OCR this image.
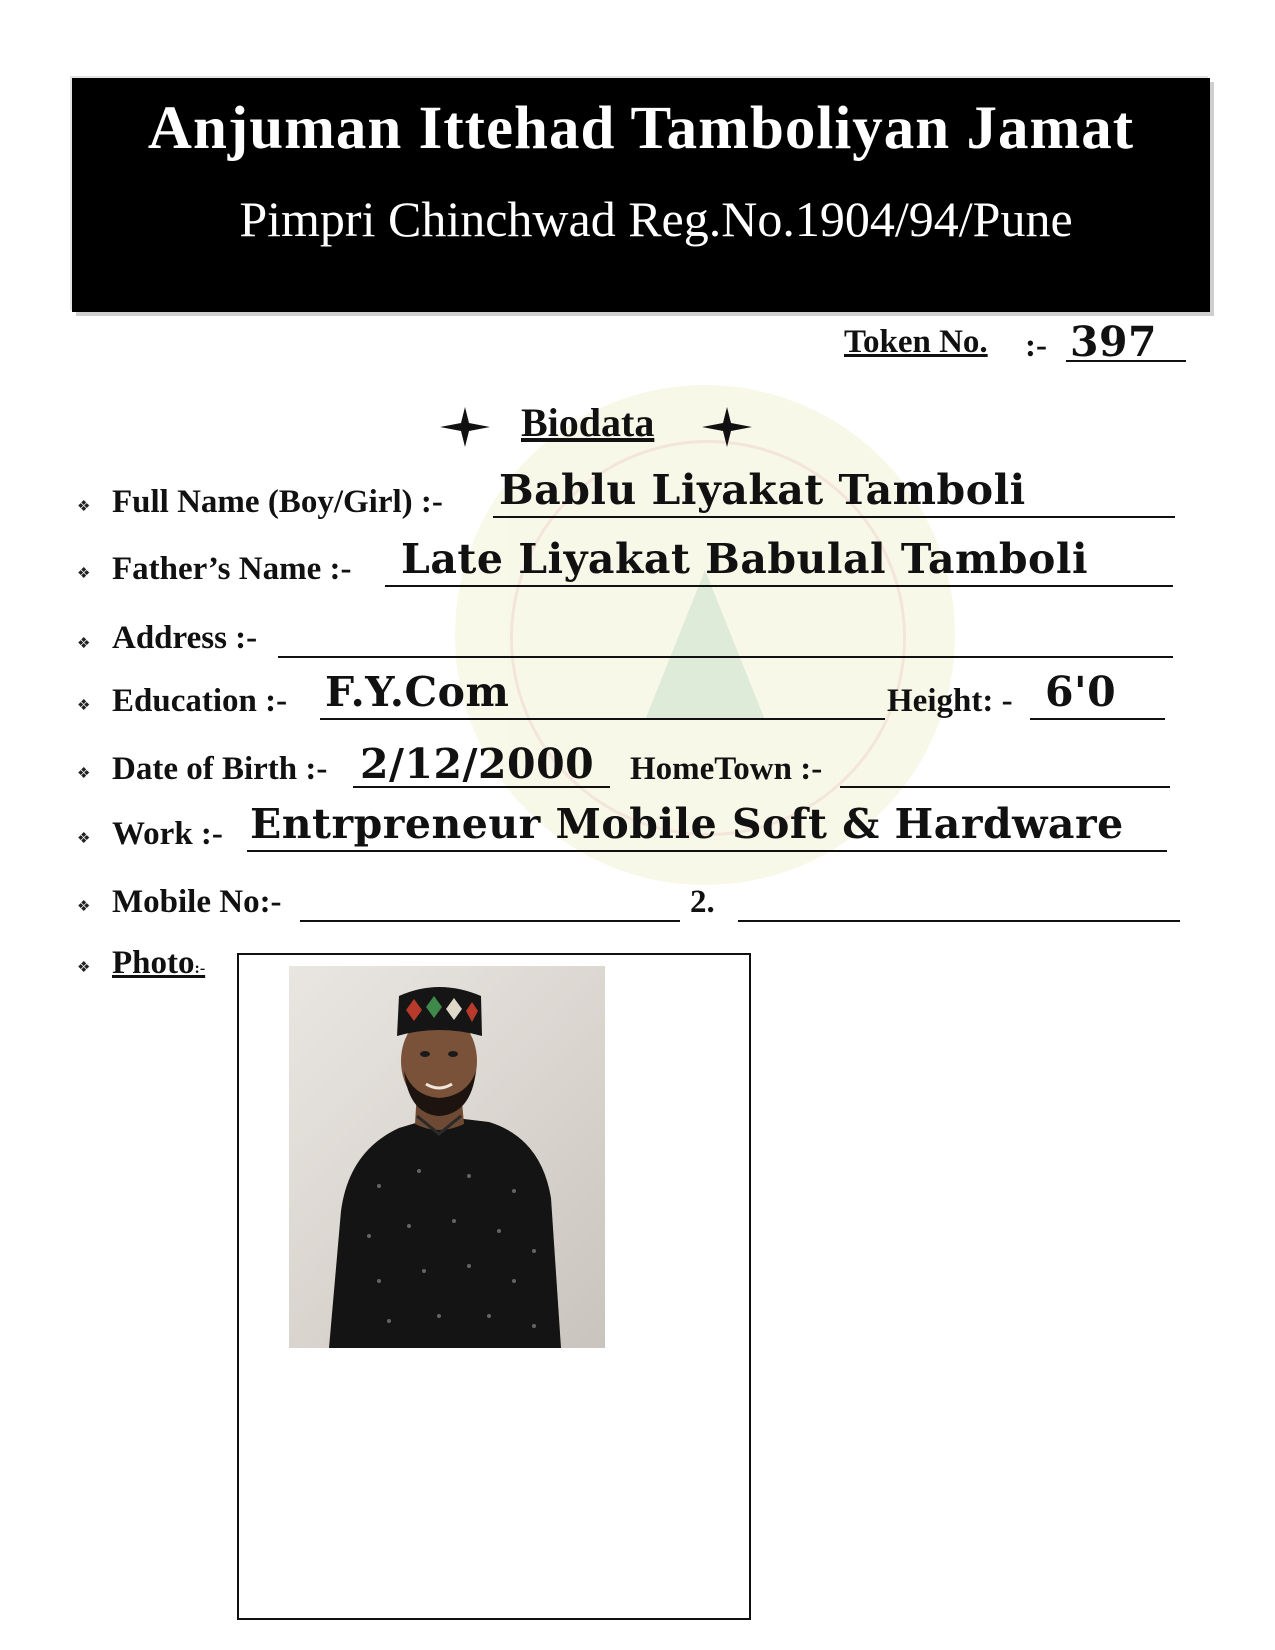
Anjuman Ittehad Tamboliyan Jamat
Pimpri Chinchwad Reg.No.1904/94/Pune
Token No. :- 397
Biodata
❖ Full Name (Boy/Girl) :- Bablu Liyakat Tamboli
❖ Father’s Name :- Late Liyakat Babulal Tamboli
❖ Address :-
❖ Education :- F.Y.Com	Height: - 6'0
❖ Date of Birth :- 2/12/2000 HomeTown :-
❖ Work :- Entrpreneur Mobile Soft & Hardware
❖ Mobile No:-	2.
❖ Photo:-
